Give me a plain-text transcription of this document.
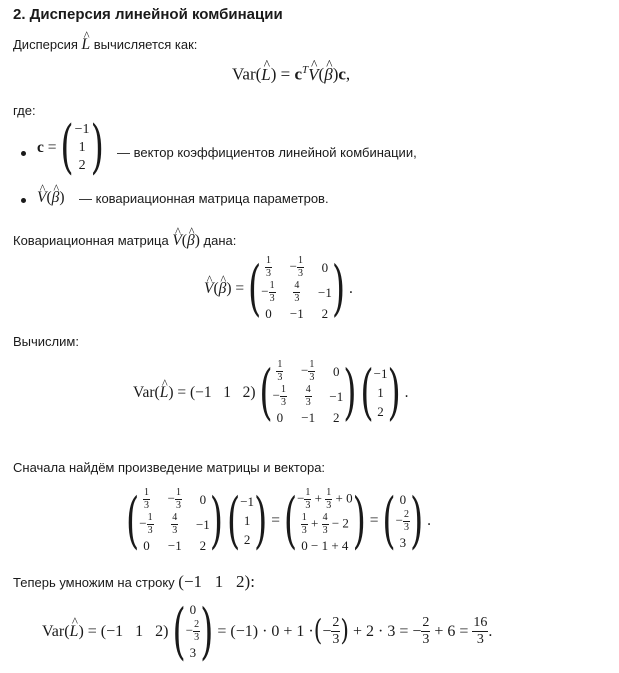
2. Дисперсия линейной комбинации
Дисперсия ^ L вычисляется как:
Var(^ $L) = c^T\^{}$ V(^ β)c,
где:
c = ( −1
1
2 ) — вектор коэффициентов линейной комбинации,
^ V(^ β) — ковариационная матрица параметров.
Ковариационная матрица ^ V(^ β) дана:
^ V ( ^ β ) = ( $\frac{1}{3} - \frac{1}{3} 0$
− $\frac{1}{3} \frac{4}{3} -1$
0 −1 2 ) .
Вычислим:
Var( ^ L ) = (−1   1   2) ( $\frac{1}{3} - \frac{1}{3} 0$
− $\frac{1}{3} \frac{4}{3} -1$
0 −1 2 )
( −1
1
2 ) .
Сначала найдём произведение матрицы и вектора:
( $\frac{1}{3} - \frac{1}{3} 0$
− $\frac{1}{3} \frac{4}{3} -1$
0 −1 2 )
( −1
1
2 ) = ( − $\frac{1}{3} + \frac{1}{3} + 0$
$\frac{1}{3} + \frac{4}{3} - 2$
0 − 1 + 4 ) = ( 0
− $\frac{2}{3}$
3 ) .
Теперь умножим на строку (−1   1   2):
Var( ^ L ) = (−1   1   2) ( 0
− $\frac{2}{3}$
3 ) = (−1) · 0 + 1 · ( − $\frac{2}{3}$ ) + 2 · 3 = − $\frac{2}{3} + 6 = \frac{16}{3}$ .
